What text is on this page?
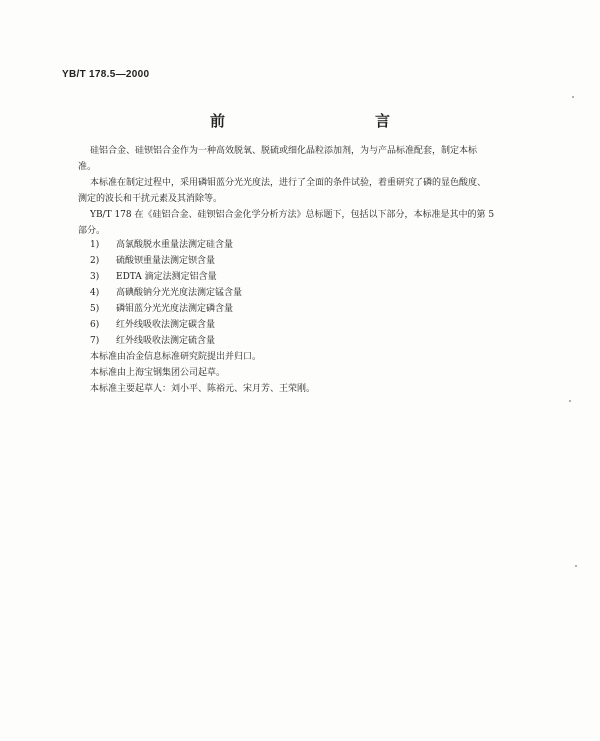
YB/T 178.5—2000
前　　言
硅铝合金、硅钡铝合金作为一种高效脱氧、脱硫或细化晶粒添加剂，为与产品标准配套，制定本标
准。
本标准在制定过程中，采用磷钼蓝分光光度法，进行了全面的条件试验，着重研究了磷的显色酸度、
测定的波长和干扰元素及其消除等。
YB/T 178 在《硅铝合金、硅钡铝合金化学分析方法》总标题下，包括以下部分，本标准是其中的第 5
部分。
1)	高氯酸脱水重量法测定硅含量
2)	硫酸钡重量法测定钡含量
3)	EDTA 滴定法测定铝含量
4)	高碘酸钠分光光度法测定锰含量
5)	磷钼蓝分光光度法测定磷含量
6)	红外线吸收法测定碳含量
7)	红外线吸收法测定硫含量
本标准由冶金信息标准研究院提出并归口。
本标准由上海宝钢集团公司起草。
本标准主要起草人：刘小平、陈裕元、宋月芳、王荣刚。
